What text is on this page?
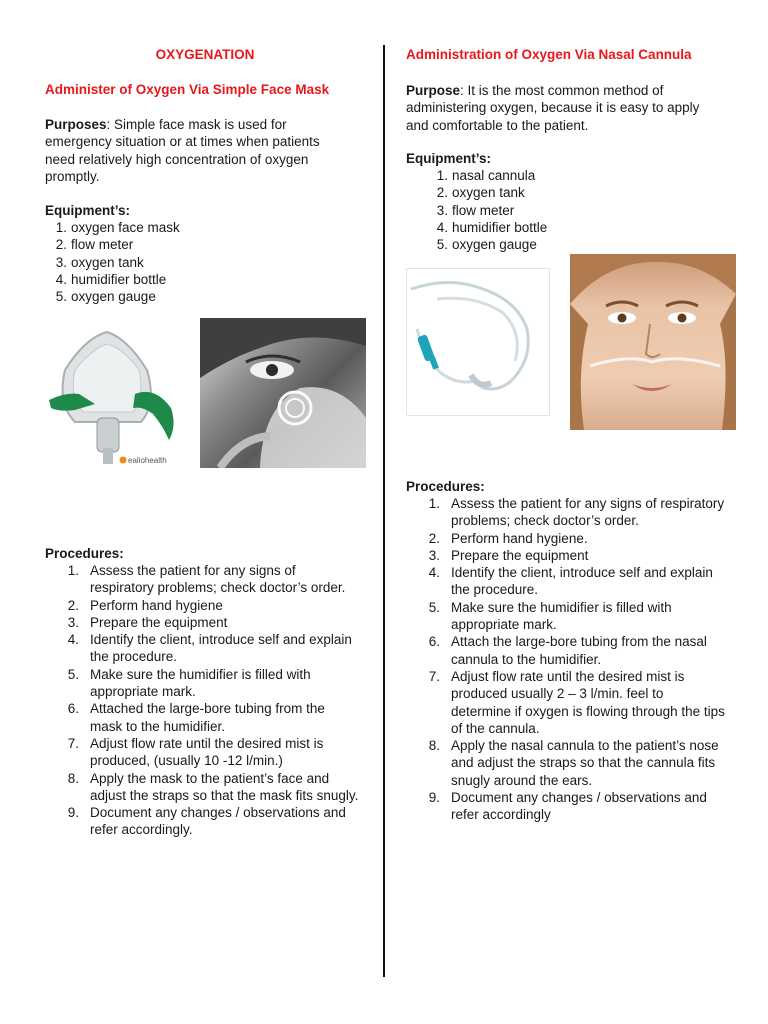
OXYGENATION
Administer of Oxygen Via Simple Face Mask
Purposes: Simple face mask is used for emergency situation or at times when patients need relatively high concentration of oxygen promptly.
Equipment’s:
1. oxygen face mask
2. flow meter
3. oxygen tank
4. humidifier bottle
5. oxygen gauge
ealiohealth
Procedures:
1. Assess the patient for any signs of respiratory problems; check doctor’s order.
2. Perform hand hygiene
3. Prepare the equipment
4. Identify the client, introduce self and explain the procedure.
5. Make sure the humidifier is filled with appropriate mark.
6. Attached the large-bore tubing from the mask to the humidifier.
7. Adjust flow rate until the desired mist is produced, (usually 10 -12 l/min.)
8. Apply the mask to the patient’s face and adjust the straps so that the mask fits snugly.
9. Document any changes / observations and refer accordingly.
Administration of Oxygen Via Nasal Cannula
Purpose: It is the most common method of administering oxygen, because it is easy to apply and comfortable to the patient.
Equipment’s:
1. nasal cannula
2. oxygen tank
3. flow meter
4. humidifier bottle
5. oxygen gauge
Procedures:
1. Assess the patient for any signs of respiratory problems; check doctor’s order.
2. Perform hand hygiene.
3. Prepare the equipment
4. Identify the client, introduce self and explain the procedure.
5. Make sure the humidifier is filled with appropriate mark.
6. Attach the large-bore tubing from the nasal cannula to the humidifier.
7. Adjust flow rate until the desired mist is produced usually 2 – 3 l/min. feel to determine if oxygen is flowing through the tips of the cannula.
8. Apply the nasal cannula to the patient’s nose and adjust the straps so that the cannula fits snugly around the ears.
9. Document any changes / observations and refer accordingly
